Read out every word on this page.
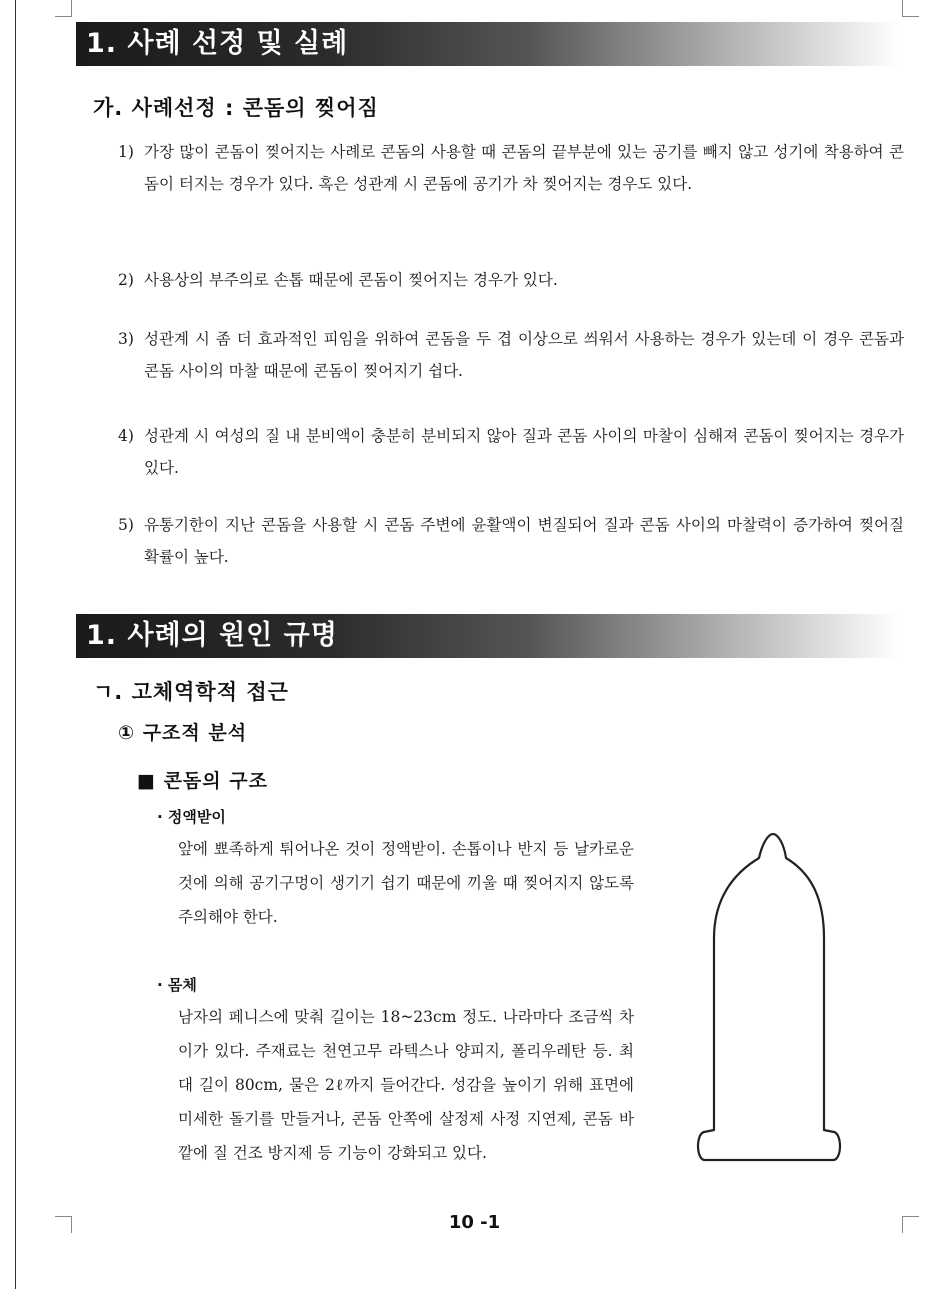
1. 사례 선정 및 실례
가. 사례선정 : 콘돔의 찢어짐
1) 가장 많이 콘돔이 찢어지는 사례로 콘돔의 사용할 때 콘돔의 끝부분에 있는 공기를 빼지 않고 성기에 착용하여 콘돔이 터지는 경우가 있다. 혹은 성관계 시 콘돔에 공기가 차 찢어지는 경우도 있다.
2) 사용상의 부주의로 손톱 때문에 콘돔이 찢어지는 경우가 있다.
3) 성관계 시 좀 더 효과적인 피임을 위하여 콘돔을 두 겹 이상으로 씌워서 사용하는 경우가 있는데 이 경우 콘돔과 콘돔 사이의 마찰 때문에 콘돔이 찢어지기 쉽다.
4) 성관계 시 여성의 질 내 분비액이 충분히 분비되지 않아 질과 콘돔 사이의 마찰이 심해져 콘돔이 찢어지는 경우가 있다.
5) 유통기한이 지난 콘돔을 사용할 시 콘돔 주변에 윤활액이 변질되어 질과 콘돔 사이의 마찰력이 증가하여 찢어질 확률이 높다.
1. 사례의 원인 규명
ㄱ. 고체역학적 접근
① 구조적 분석
■ 콘돔의 구조
· 정액받이
앞에 뾰족하게 튀어나온 것이 정액받이. 손톱이나 반지 등 날카로운 것에 의해 공기구멍이 생기기 쉽기 때문에 끼울 때 찢어지지 않도록 주의해야 한다.
· 몸체
남자의 페니스에 맞춰 길이는 18~23cm 정도. 나라마다 조금씩 차이가 있다. 주재료는 천연고무 라텍스나 양피지, 폴리우레탄 등. 최대 길이 80cm, 물은 2ℓ까지 들어간다. 성감을 높이기 위해 표면에 미세한 돌기를 만들거나, 콘돔 안쪽에 살정제 사정 지연제, 콘돔 바깥에 질 건조 방지제 등 기능이 강화되고 있다.
10 -1
